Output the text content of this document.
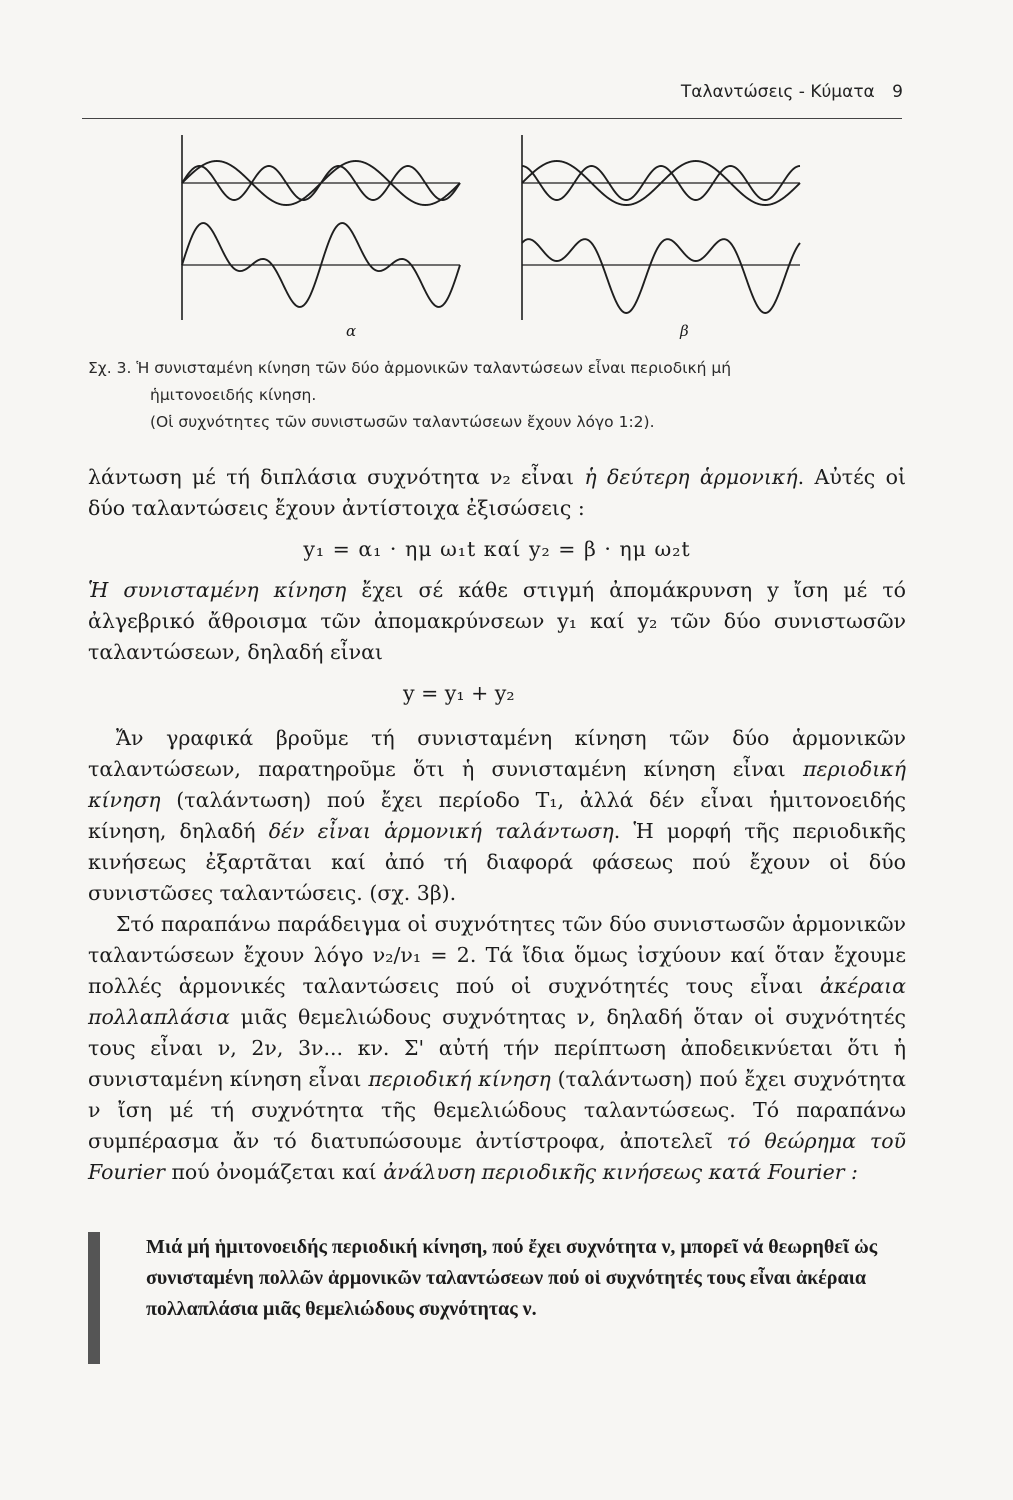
Ταλαντώσεις - Κύματα 9
α	β

Σχ. 3. Ἡ συνισταμένη κίνηση τῶν δύο ἁρμονικῶν ταλαντώσεων εἶναι περιοδική μή

ἡμιτονοειδής κίνηση.

(Οἱ συχνότητες τῶν συνιστωσῶν ταλαντώσεων ἔχουν λόγο 1:2).

λάντωση μέ τή διπλάσια συχνότητα ν₂ εἶναι ἡ δεύτερη ἁρμονική. Αὐτές οἱ δύο ταλαντώσεις ἔχουν ἀντίστοιχα ἐξισώσεις :

y₁ = α₁ · ημ ω₁t καί y₂ = β · ημ ω₂t

Ἡ συνισταμένη κίνηση ἔχει σέ κάθε στιγμή ἀπομάκρυνση y ἴση μέ τό ἀλγεβρικό ἄθροισμα τῶν ἀπομακρύνσεων y₁ καί y₂ τῶν δύο συνιστωσῶν ταλαντώσεων, δηλαδή εἶναι

y = y₁ + y₂

Ἄν γραφικά βροῦμε τή συνισταμένη κίνηση τῶν δύο ἁρμονικῶν ταλαντώσεων, παρατηροῦμε ὅτι ἡ συνισταμένη κίνηση εἶναι περιοδική κίνηση (ταλάντωση) πού ἔχει περίοδο T₁, ἀλλά δέν εἶναι ἡμιτονοειδής κίνηση, δηλαδή δέν εἶναι ἁρμονική ταλάντωση. Ἡ μορφή τῆς περιοδικῆς κινήσεως ἐξαρτᾶται καί ἀπό τή διαφορά φάσεως πού ἔχουν οἱ δύο συνιστῶσες ταλαντώσεις. (σχ. 3β).

Στό παραπάνω παράδειγμα οἱ συχνότητες τῶν δύο συνιστωσῶν ἁρμονικῶν ταλαντώσεων ἔχουν λόγο ν₂/ν₁ = 2. Τά ἴδια ὅμως ἰσχύουν καί ὅταν ἔχουμε πολλές ἁρμονικές ταλαντώσεις πού οἱ συχνότητές τους εἶναι ἀκέραια πολλαπλάσια μιᾶς θεμελιώδους συχνότητας ν, δηλαδή ὅταν οἱ συχνότητές τους εἶναι ν, 2ν, 3ν... κν. Σ' αὐτή τήν περίπτωση ἀποδεικνύεται ὅτι ἡ συνισταμένη κίνηση εἶναι περιοδική κίνηση (ταλάντωση) πού ἔχει συχνότητα ν ἴση μέ τή συχνότητα τῆς θεμελιώδους ταλαντώσεως. Τό παραπάνω συμπέρασμα ἄν τό διατυπώσουμε ἀντίστροφα, ἀποτελεῖ τό θεώρημα τοῦ Fourier πού ὀνομάζεται καί ἀνάλυση περιοδικῆς κινήσεως κατά Fourier :

Μιά μή ἡμιτονοειδής περιοδική κίνηση, πού ἔχει συχνότητα ν, μπορεῖ νά θεωρηθεῖ ὡς συνισταμένη πολλῶν ἁρμονικῶν ταλαντώσεων πού οἱ συχνότητές τους εἶναι ἀκέραια πολλαπλάσια μιᾶς θεμελιώδους συχνότητας ν.
